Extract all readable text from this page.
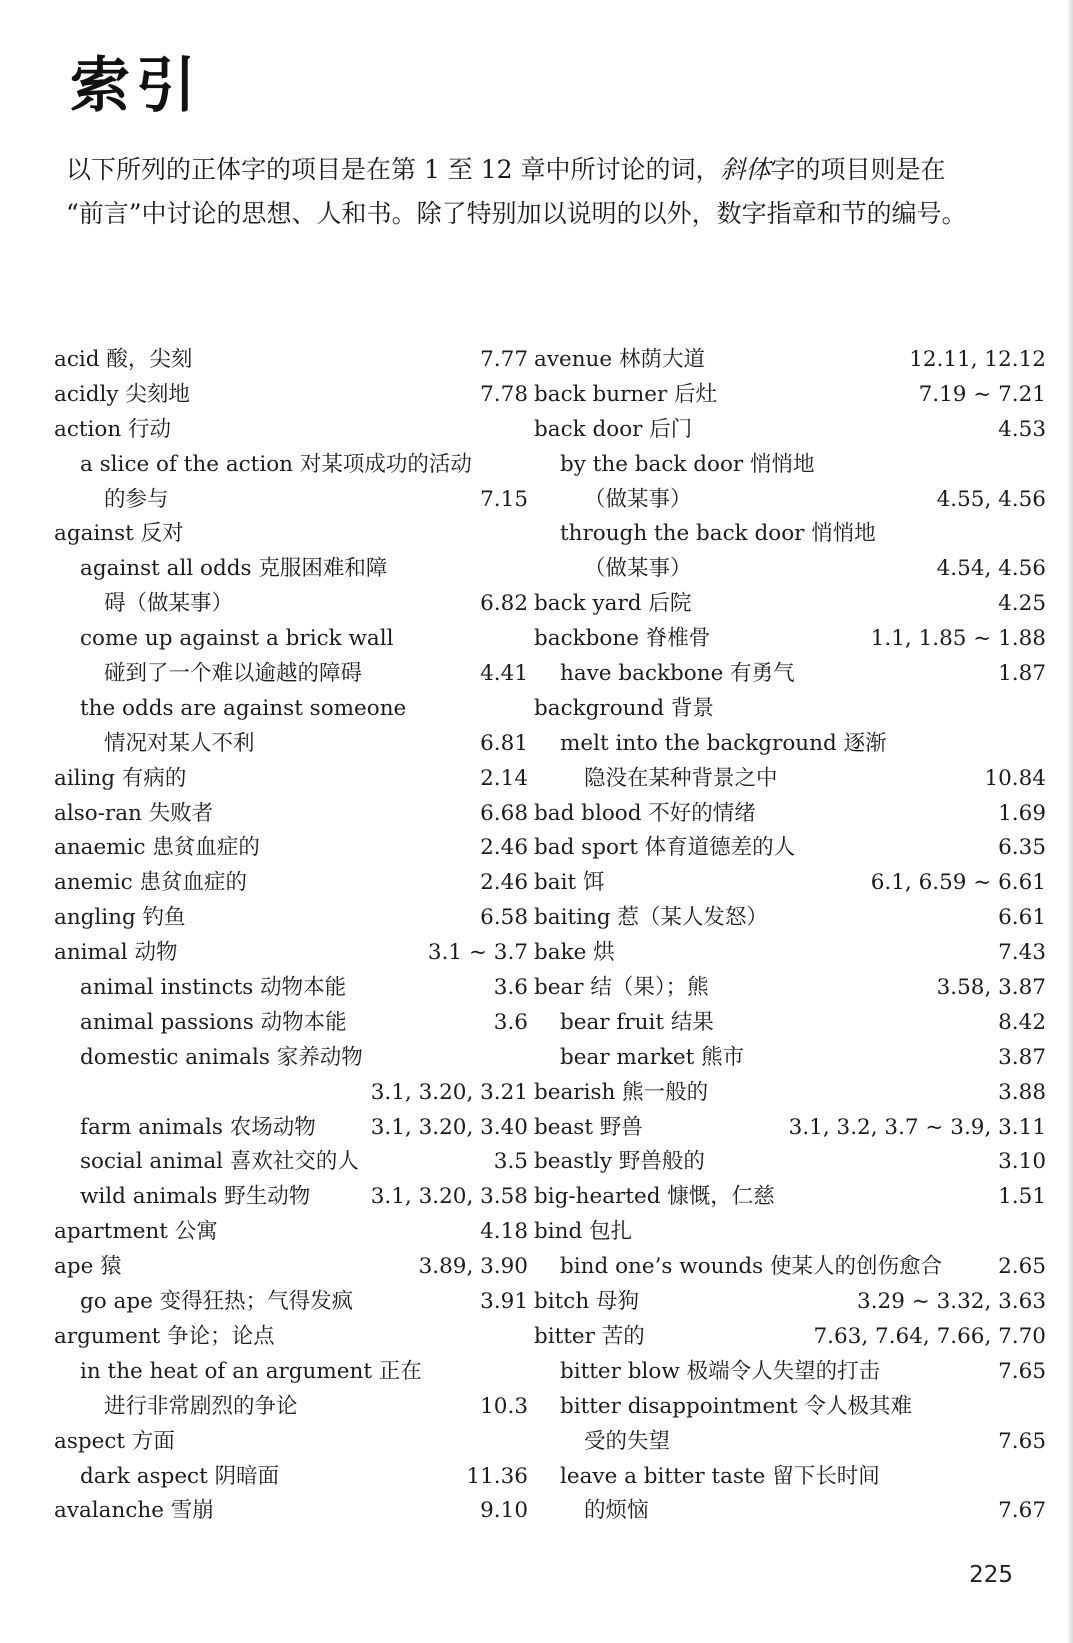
索引

以下所列的正体字的项目是在第 1 至 12 章中所讨论的词，斜体字的项目则是在

“前言”中讨论的思想、人和书。除了特别加以说明的以外，数字指章和节的编号。

acid 酸，尖刻	7.77
acidly 尖刻地	7.78
action 行动
a slice of the action 对某项成功的活动
的参与	7.15
against 反对
against all odds 克服困难和障
碍（做某事）	6.82
come up against a brick wall
碰到了一个难以逾越的障碍	4.41
the odds are against someone
情况对某人不利	6.81
ailing 有病的	2.14
also-ran 失败者	6.68
anaemic 患贫血症的	2.46
anemic 患贫血症的	2.46
angling 钓鱼	6.58
animal 动物	3.1 ~ 3.7
animal instincts 动物本能	3.6
animal passions 动物本能	3.6
domestic animals 家养动物
3.1, 3.20, 3.21
farm animals 农场动物	3.1, 3.20, 3.40
social animal 喜欢社交的人	3.5
wild animals 野生动物	3.1, 3.20, 3.58
apartment 公寓	4.18
ape 猿	3.89, 3.90
go ape 变得狂热；气得发疯	3.91
argument 争论；论点
in the heat of an argument 正在
进行非常剧烈的争论	10.3
aspect 方面
dark aspect 阴暗面	11.36
avalanche 雪崩	9.10
avenue 林荫大道	12.11, 12.12
back burner 后灶	7.19 ~ 7.21
back door 后门	4.53
by the back door 悄悄地
（做某事）	4.55, 4.56
through the back door 悄悄地
（做某事）	4.54, 4.56
back yard 后院	4.25
backbone 脊椎骨	1.1, 1.85 ~ 1.88
have backbone 有勇气	1.87
background 背景
melt into the background 逐渐
隐没在某种背景之中	10.84
bad blood 不好的情绪	1.69
bad sport 体育道德差的人	6.35
bait 饵	6.1, 6.59 ~ 6.61
baiting 惹（某人发怒）	6.61
bake 烘	7.43
bear 结（果）；熊	3.58, 3.87
bear fruit 结果	8.42
bear market 熊市	3.87
bearish 熊一般的	3.88
beast 野兽	3.1, 3.2, 3.7 ~ 3.9, 3.11
beastly 野兽般的	3.10
big-hearted 慷慨，仁慈	1.51
bind 包扎
bind one’s wounds 使某人的创伤愈合	2.65
bitch 母狗	3.29 ~ 3.32, 3.63
bitter 苦的	7.63, 7.64, 7.66, 7.70
bitter blow 极端令人失望的打击	7.65
bitter disappointment 令人极其难
受的失望	7.65
leave a bitter taste 留下长时间
的烦恼	7.67
225
